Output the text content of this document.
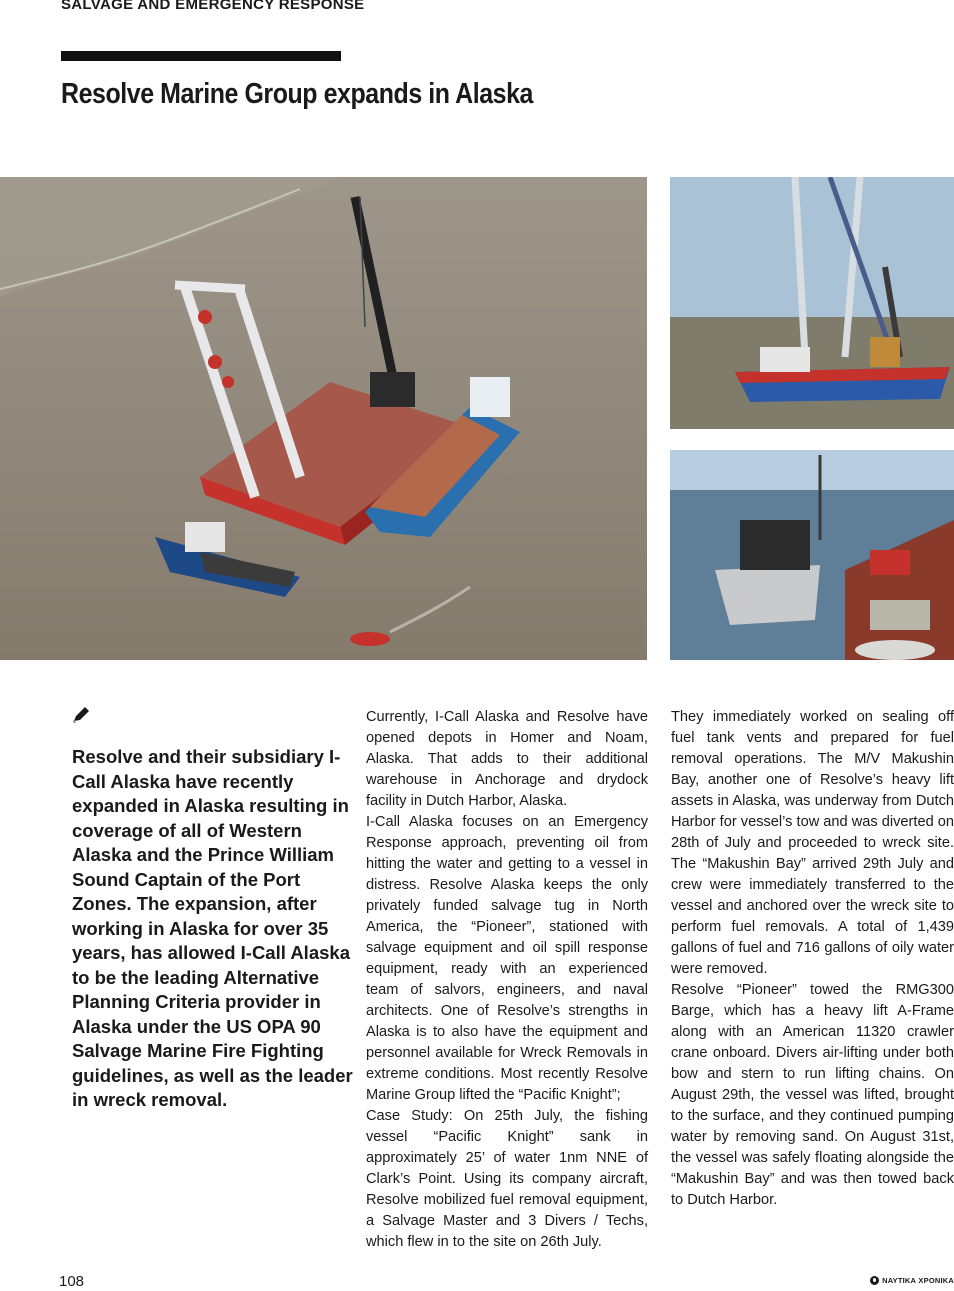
SALVAGE AND EMERGENCY RESPONSE
Resolve Marine Group expands in Alaska

Resolve and their subsidiary I-Call Alaska have recently expanded in Alaska resulting in coverage of all of Western Alaska and the Prince William Sound Captain of the Port Zones. The expansion, after working in Alaska for over 35 years, has allowed I-Call Alaska to be the leading Alternative Planning Criteria provider in Alaska under the US OPA 90 Salvage Marine Fire Fighting guidelines, as well as the leader in wreck removal.

Currently, I-Call Alaska and Resolve have opened depots in Homer and Noam, Alaska. That adds to their additional warehouse in Anchorage and drydock facility in Dutch Harbor, Alaska.

I-Call Alaska focuses on an Emergency Response approach, preventing oil from hitting the water and getting to a vessel in distress. Resolve Alaska keeps the only privately funded salvage tug in North America, the “Pioneer”, stationed with salvage equipment and oil spill response equipment, ready with an experienced team of salvors, engineers, and naval architects. One of Resolve’s strengths in Alaska is to also have the equipment and personnel available for Wreck Removals in extreme conditions. Most recently Resolve Marine Group lifted the “Pacific Knight”;

Case Study: On 25th July, the fishing vessel “Pacific Knight” sank in approximately 25’ of water 1nm NNE of Clark’s Point. Using its company aircraft, Resolve mobilized fuel removal equipment, a Salvage Master and 3 Divers / Techs, which flew in to the site on 26th July.

They immediately worked on sealing off fuel tank vents and prepared for fuel removal operations. The M/V Makushin Bay, another one of Resolve’s heavy lift assets in Alaska, was underway from Dutch Harbor for vessel’s tow and was diverted on 28th of July and proceeded to wreck site. The “Makushin Bay” arrived 29th July and crew were immediately transferred to the vessel and anchored over the wreck site to perform fuel removals. A total of 1,439 gallons of fuel and 716 gallons of oily water were removed.

Resolve “Pioneer” towed the RMG300 Barge, which has a heavy lift A-Frame along with an American 11320 crawler crane onboard. Divers air-lifting under both bow and stern to run lifting chains. On August 29th, the vessel was lifted, brought to the surface, and they continued pumping water by removing sand. On August 31st, the vessel was safely floating alongside the “Makushin Bay” and was then towed back to Dutch Harbor.

108	ΝΑΥΤΙΚΑ ΧΡΟΝΙΚΑ
